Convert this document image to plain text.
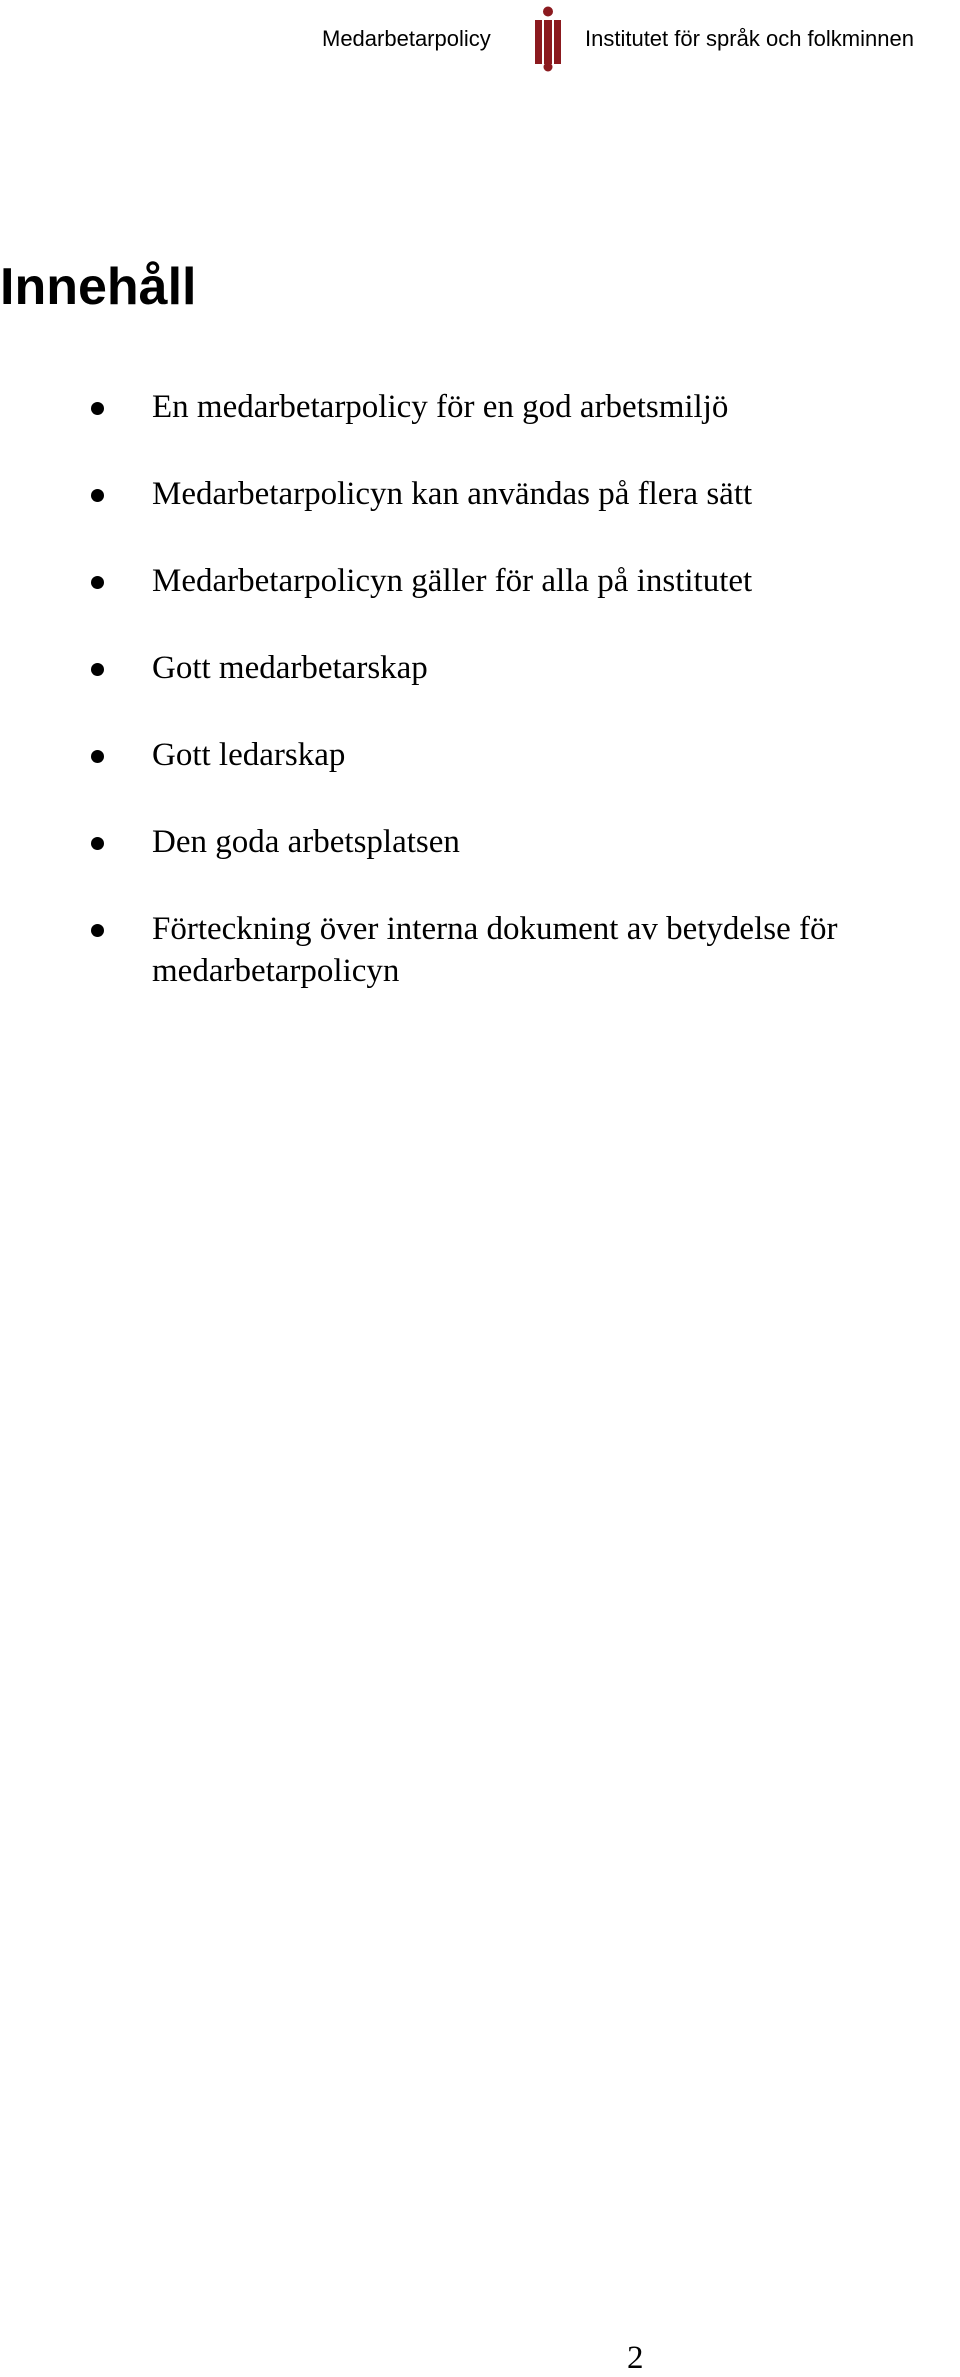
Medarbetarpolicy	Institutet för språk och folkminnen
Innehåll
En medarbetarpolicy för en god arbetsmiljö
Medarbetarpolicyn kan användas på flera sätt
Medarbetarpolicyn gäller för alla på institutet
Gott medarbetarskap
Gott ledarskap
Den goda arbetsplatsen
Förteckning över interna dokument av betydelse för medarbetarpolicyn
2
